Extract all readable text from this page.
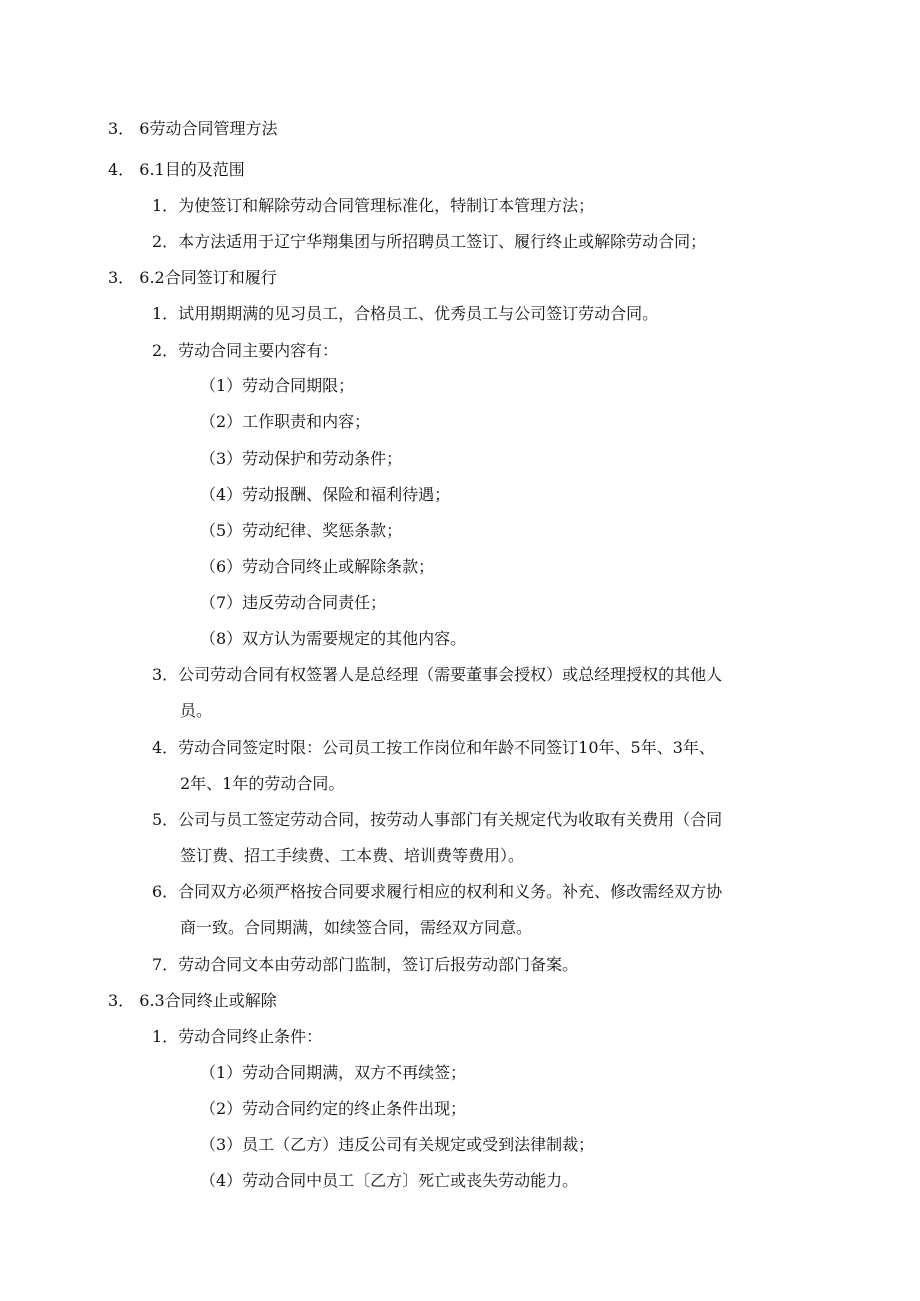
3． 6劳动合同管理方法
4． 6.1目的及范围
1．为使签订和解除劳动合同管理标准化，特制订本管理方法；
2．本方法适用于辽宁华翔集团与所招聘员工签订、履行终止或解除劳动合同；
3． 6.2合同签订和履行
1．试用期期满的见习员工，合格员工、优秀员工与公司签订劳动合同。
2．劳动合同主要内容有：
（1）劳动合同期限；
（2）工作职责和内容；
（3）劳动保护和劳动条件；
（4）劳动报酬、保险和福利待遇；
（5）劳动纪律、奖惩条款；
（6）劳动合同终止或解除条款；
（7）违反劳动合同责任；
（8）双方认为需要规定的其他内容。
3．公司劳动合同有权签署人是总经理（需要董事会授权）或总经理授权的其他人
员。
4．劳动合同签定时限：公司员工按工作岗位和年龄不同签订10年、5年、3年、
2年、1年的劳动合同。
5．公司与员工签定劳动合同，按劳动人事部门有关规定代为收取有关费用（合同
签订费、招工手续费、工本费、培训费等费用）。
6．合同双方必须严格按合同要求履行相应的权利和义务。补充、修改需经双方协
商一致。合同期满，如续签合同，需经双方同意。
7．劳动合同文本由劳动部门监制，签订后报劳动部门备案。
3． 6.3合同终止或解除
1．劳动合同终止条件：
（1）劳动合同期满，双方不再续签；
（2）劳动合同约定的终止条件出现；
（3）员工（乙方）违反公司有关规定或受到法律制裁；
（4）劳动合同中员工〔乙方〕死亡或丧失劳动能力。
